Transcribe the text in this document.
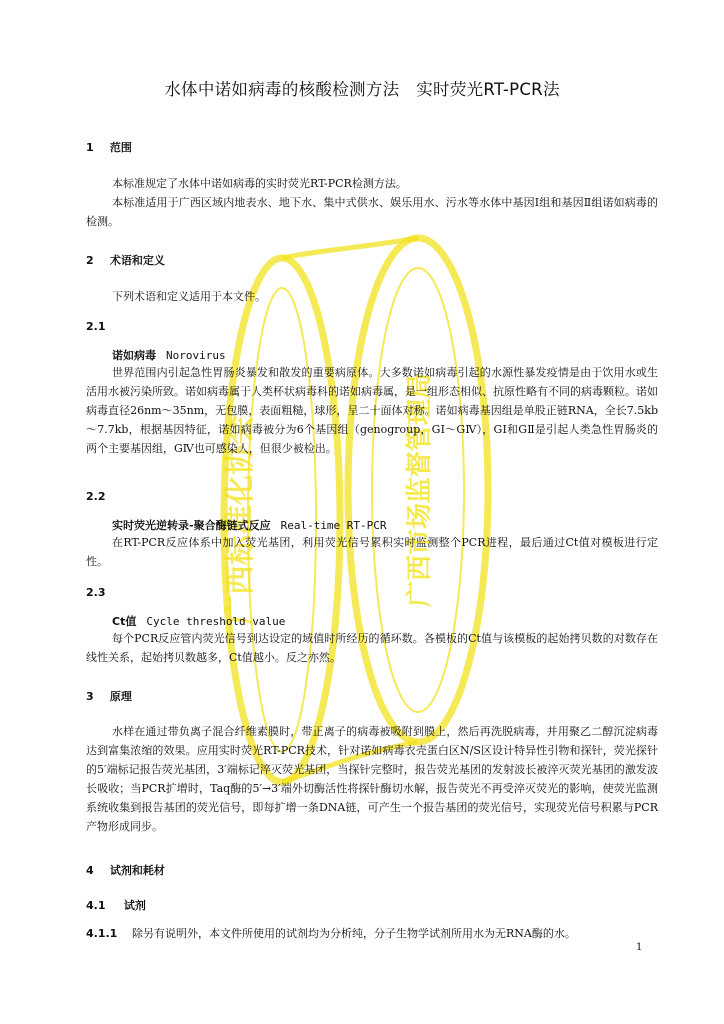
广西标准化协会	广西市场监督管理局
水体中诺如病毒的核酸检测方法　实时荧光RT-PCR法
1 范围
本标准规定了水体中诺如病毒的实时荧光RT-PCR检测方法。
本标准适用于广西区域内地表水、地下水、集中式供水、娱乐用水、污水等水体中基因Ⅰ组和基因Ⅱ组诺如病毒的检测。
2 术语和定义
下列术语和定义适用于本文件。
2.1
诺如病毒 Norovirus
世界范围内引起急性胃肠炎暴发和散发的重要病原体。大多数诺如病毒引起的水源性暴发疫情是由于饮用水或生活用水被污染所致。诺如病毒属于人类杯状病毒科的诺如病毒属，是一组形态相似、抗原性略有不同的病毒颗粒。诺如病毒直径26nm～35nm，无包膜，表面粗糙，球形，呈二十面体对称。诺如病毒基因组是单股正链RNA，全长7.5kb～7.7kb，根据基因特征，诺如病毒被分为6个基因组（genogroup，GⅠ～GⅣ），GⅠ和GⅡ是引起人类急性胃肠炎的两个主要基因组，GⅣ也可感染人，但很少被检出。
2.2
实时荧光逆转录-聚合酶链式反应 Real-time RT-PCR
在RT-PCR反应体系中加入荧光基团，利用荧光信号累积实时监测整个PCR进程，最后通过Ct值对模板进行定性。
2.3
Ct值 Cycle threshold value
每个PCR反应管内荧光信号到达设定的域值时所经历的循环数。各模板的Ct值与该模板的起始拷贝数的对数存在线性关系，起始拷贝数越多，Ct值越小。反之亦然。
3 原理
水样在通过带负离子混合纤维素膜时，带正离子的病毒被吸附到膜上，然后再洗脱病毒，并用聚乙二醇沉淀病毒达到富集浓缩的效果。应用实时荧光RT-PCR技术，针对诺如病毒衣壳蛋白区N/S区设计特异性引物和探针，荧光探针的5′端标记报告荧光基团，3′端标记淬灭荧光基团，当探针完整时，报告荧光基团的发射波长被淬灭荧光基团的激发波长吸收；当PCR扩增时，Taq酶的5′→3′端外切酶活性将探针酶切水解，报告荧光不再受淬灭荧光的影响，使荧光监测系统收集到报告基团的荧光信号，即每扩增一条DNA链，可产生一个报告基团的荧光信号，实现荧光信号积累与PCR产物形成同步。
4 试剂和耗材
4.1 试剂
4.1.1 除另有说明外，本文件所使用的试剂均为分析纯，分子生物学试剂所用水为无RNA酶的水。
1
